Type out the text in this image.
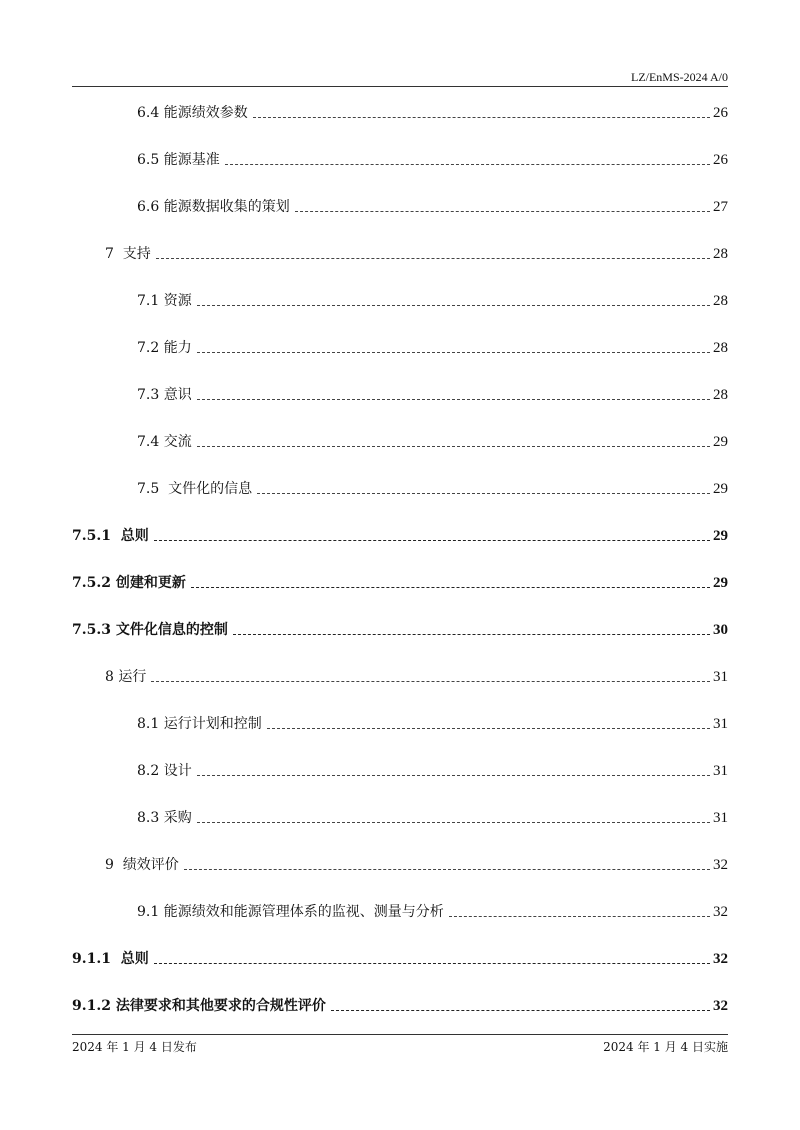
LZ/EnMS-2024 A/0
6.4 能源绩效参数	26
6.5 能源基准	26
6.6 能源数据收集的策划	27
7  支持	28
7.1 资源	28
7.2 能力	28
7.3 意识	28
7.4 交流	29
7.5  文件化的信息	29
7.5.1  总则	29
7.5.2 创建和更新	29
7.5.3 文件化信息的控制	30
8 运行	31
8.1 运行计划和控制	31
8.2 设计	31
8.3 采购	31
9  绩效评价	32
9.1 能源绩效和能源管理体系的监视、测量与分析	32
9.1.1  总则	32
9.1.2 法律要求和其他要求的合规性评价	32
2024 年 1 月 4 日发布	2024 年 1 月 4 日实施
